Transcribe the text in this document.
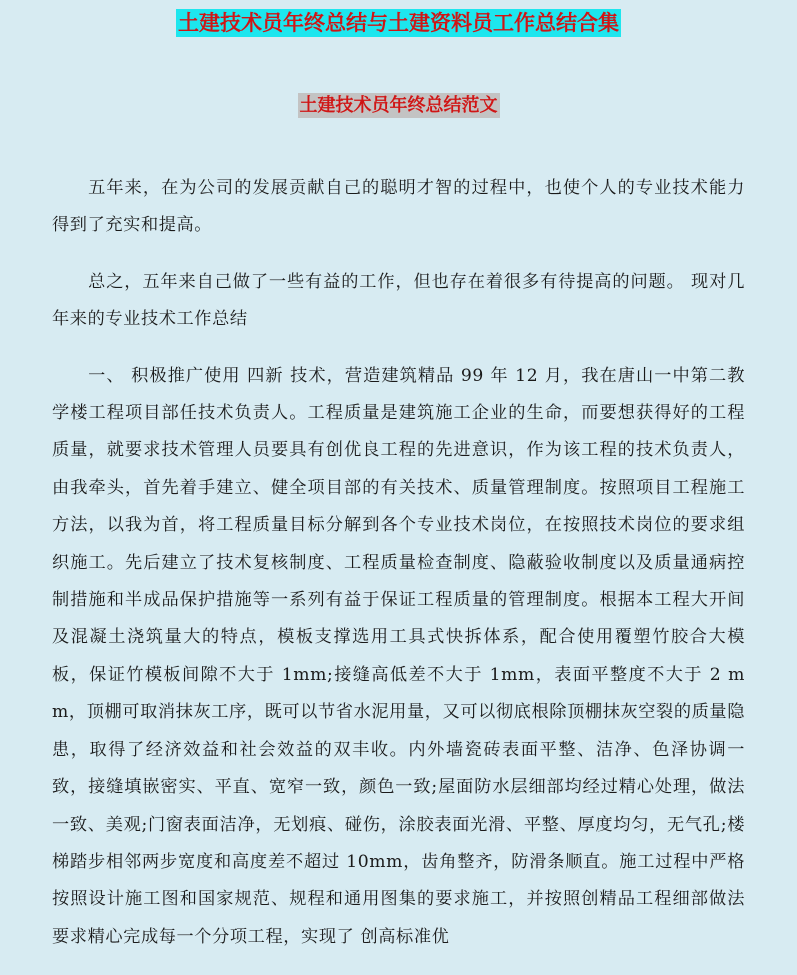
土建技术员年终总结与土建资料员工作总结合集
土建技术员年终总结范文

五年来，在为公司的发展贡献自己的聪明才智的过程中，也使个人的专业技术能力得到了充实和提高。

总之，五年来自己做了一些有益的工作，但也存在着很多有待提高的问题。 现对几年来的专业技术工作总结

一、 积极推广使用 四新 技术，营造建筑精品 99 年 12 月，我在唐山一中第二教学楼工程项目部任技术负责人。工程质量是建筑施工企业的生命，而要想获得好的工程质量，就要求技术管理人员要具有创优良工程的先进意识，作为该工程的技术负责人，由我牵头，首先着手建立、健全项目部的有关技术、质量管理制度。按照项目工程施工方法，以我为首，将工程质量目标分解到各个专业技术岗位，在按照技术岗位的要求组织施工。先后建立了技术复核制度、工程质量检查制度、隐蔽验收制度以及质量通病控制措施和半成品保护措施等一系列有益于保证工程质量的管理制度。根据本工程大开间及混凝土浇筑量大的特点，模板支撑选用工具式快拆体系，配合使用覆塑竹胶合大模板，保证竹模板间隙不大于 1mm;接缝高低差不大于 1mm，表面平整度不大于 2 mm，顶棚可取消抹灰工序，既可以节省水泥用量，又可以彻底根除顶棚抹灰空裂的质量隐患，取得了经济效益和社会效益的双丰收。内外墙瓷砖表面平整、洁净、色泽协调一致，接缝填嵌密实、平直、宽窄一致，颜色一致;屋面防水层细部均经过精心处理，做法一致、美观;门窗表面洁净，无划痕、碰伤，涂胶表面光滑、平整、厚度均匀，无气孔;楼梯踏步相邻两步宽度和高度差不超过 10mm，齿角整齐，防滑条顺直。施工过程中严格按照设计施工图和国家规范、规程和通用图集的要求施工，并按照创精品工程细部做法要求精心完成每一个分项工程，实现了 创高标准优
